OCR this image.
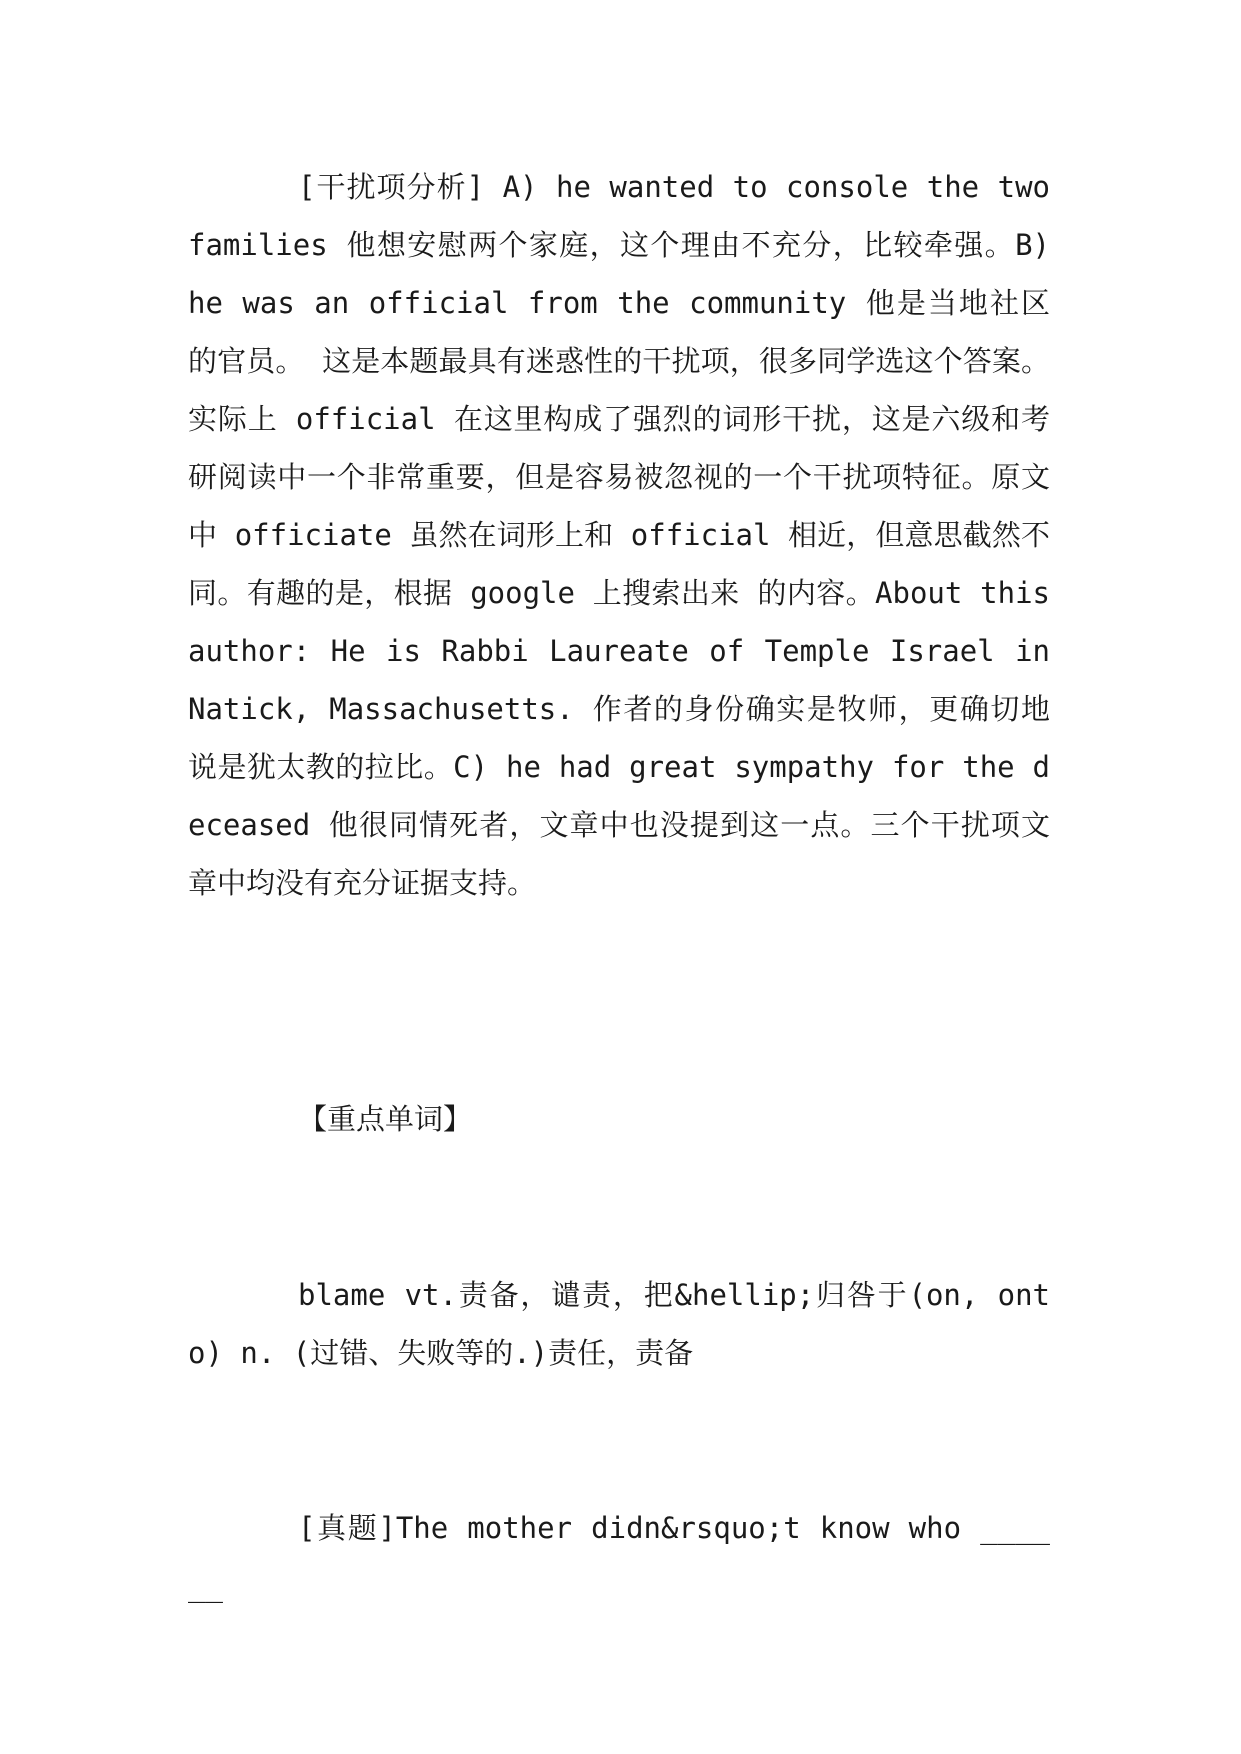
[干扰项分析] A) he wanted to console the two families 他想安慰两个家庭，这个理由不充分，比较牵强。B) he was an official from the community 他是当地社区的官员。 这是本题最具有迷惑性的干扰项，很多同学选这个答案。实际上 official 在这里构成了强烈的词形干扰，这是六级和考研阅读中一个非常重要，但是容易被忽视的一个干扰项特征。原文中 officiate 虽然在词形上和 official 相近，但意思截然不同。有趣的是，根据 google 上搜索出来 的内容。About this author: He is Rabbi Laureate of Temple Israel in Natick, Massachusetts. 作者的身份确实是牧师，更确切地说是犹太教的拉比。C) he had great sympathy for the deceased 他很同情死者，文章中也没提到这一点。三个干扰项文章中均没有充分证据支持。
【重点单词】
blame vt.责备，谴责，把&hellip;归咎于(on, onto) n. (过错、失败等的.)责任，责备
[真题]The mother didn&rsquo;t know who ______
